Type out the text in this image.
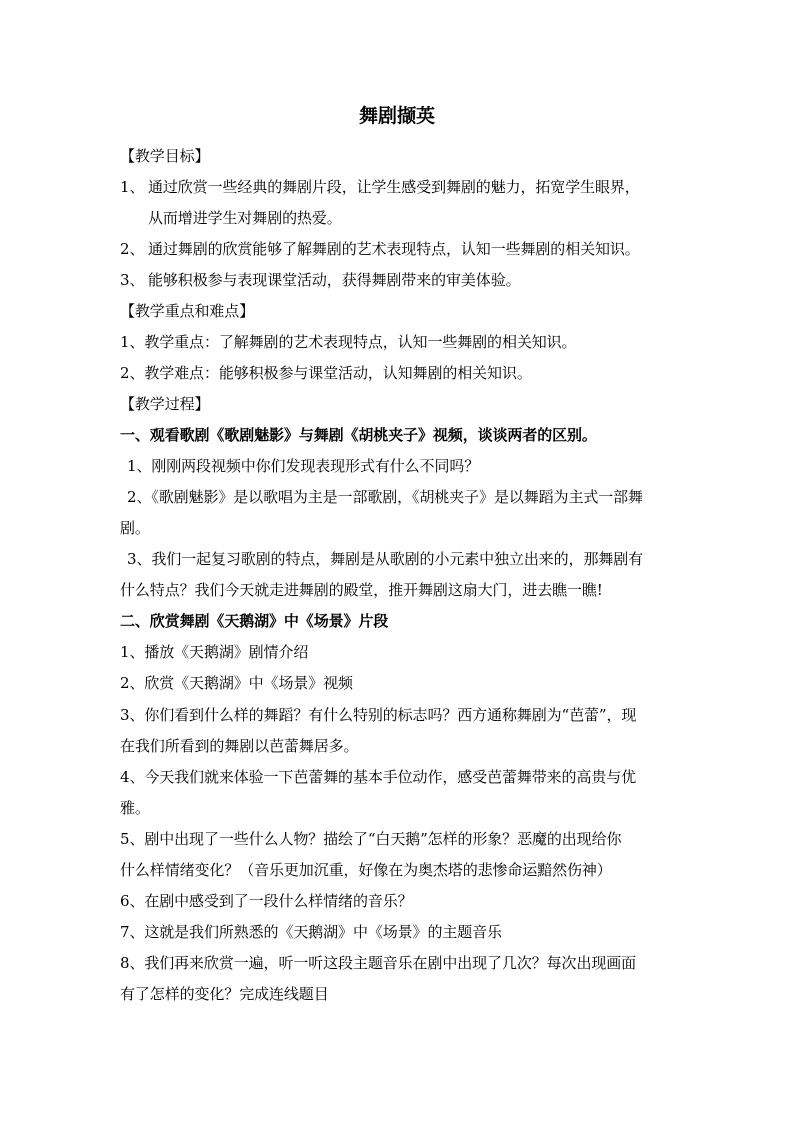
舞剧撷英
【教学目标】
1、 通过欣赏一些经典的舞剧片段，让学生感受到舞剧的魅力，拓宽学生眼界，
从而增进学生对舞剧的热爱。
2、 通过舞剧的欣赏能够了解舞剧的艺术表现特点，认知一些舞剧的相关知识。
3、 能够积极参与表现课堂活动，获得舞剧带来的审美体验。
【教学重点和难点】
1、教学重点：了解舞剧的艺术表现特点，认知一些舞剧的相关知识。
2、教学难点：能够积极参与课堂活动，认知舞剧的相关知识。
【教学过程】
一、观看歌剧《歌剧魅影》与舞剧《胡桃夹子》视频，谈谈两者的区别。
1、刚刚两段视频中你们发现表现形式有什么不同吗？
2、《歌剧魅影》是以歌唱为主是一部歌剧，《胡桃夹子》是以舞蹈为主式一部舞
剧。
3、我们一起复习歌剧的特点，舞剧是从歌剧的小元素中独立出来的，那舞剧有
什么特点？我们今天就走进舞剧的殿堂，推开舞剧这扇大门，进去瞧一瞧!
二、欣赏舞剧《天鹅湖》中《场景》片段
1、播放《天鹅湖》剧情介绍
2、欣赏《天鹅湖》中《场景》视频
3、你们看到什么样的舞蹈？有什么特别的标志吗？西方通称舞剧为“芭蕾”，现
在我们所看到的舞剧以芭蕾舞居多。
4、今天我们就来体验一下芭蕾舞的基本手位动作，感受芭蕾舞带来的高贵与优
雅。
5、剧中出现了一些什么人物？描绘了“白天鹅”怎样的形象？恶魔的出现给你
什么样情绪变化？（音乐更加沉重，好像在为奥杰塔的悲惨命运黯然伤神）
6、在剧中感受到了一段什么样情绪的音乐？
7、这就是我们所熟悉的《天鹅湖》中《场景》的主题音乐
8、我们再来欣赏一遍，听一听这段主题音乐在剧中出现了几次？每次出现画面
有了怎样的变化？完成连线题目
